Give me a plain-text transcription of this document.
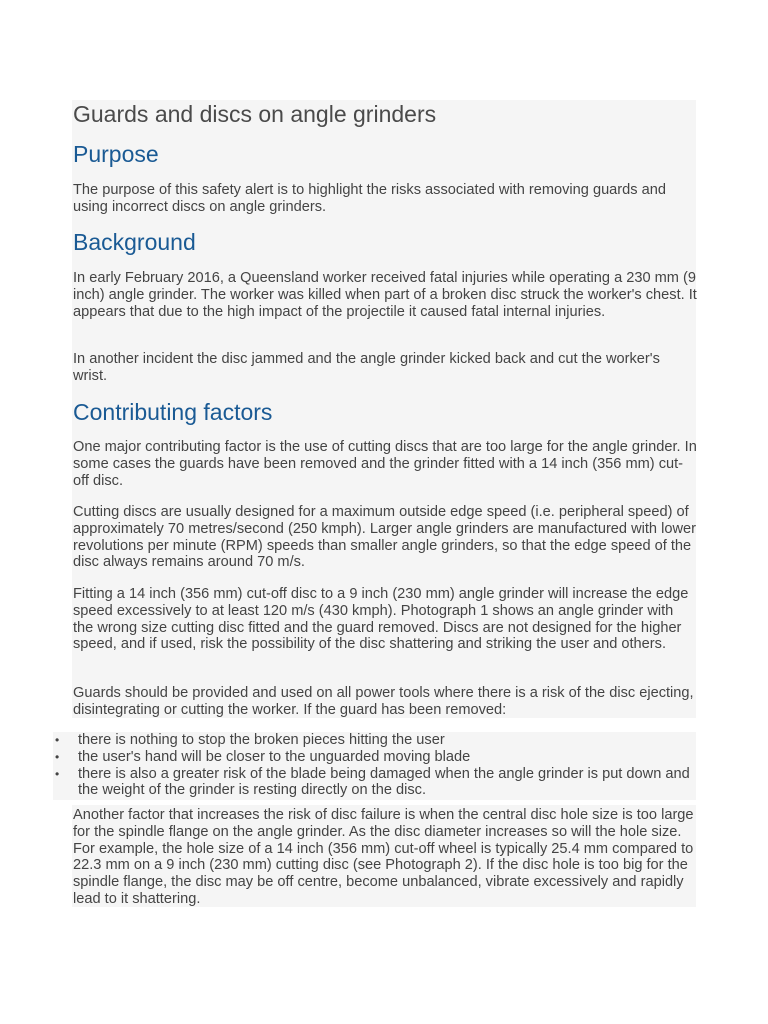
Guards and discs on angle grinders
Purpose

The purpose of this safety alert is to highlight the risks associated with removing guards and using incorrect discs on angle grinders.

Background

In early February 2016, a Queensland worker received fatal injuries while operating a 230 mm (9 inch) angle grinder. The worker was killed when part of a broken disc struck the worker's chest. It appears that due to the high impact of the projectile it caused fatal internal injuries.

In another incident the disc jammed and the angle grinder kicked back and cut the worker's wrist.

Contributing factors

One major contributing factor is the use of cutting discs that are too large for the angle grinder. In some cases the guards have been removed and the grinder fitted with a 14 inch (356 mm) cut-off disc.

Cutting discs are usually designed for a maximum outside edge speed (i.e. peripheral speed) of approximately 70 metres/second (250 kmph). Larger angle grinders are manufactured with lower revolutions per minute (RPM) speeds than smaller angle grinders, so that the edge speed of the disc always remains around 70 m/s.

Fitting a 14 inch (356 mm) cut-off disc to a 9 inch (230 mm) angle grinder will increase the edge speed excessively to at least 120 m/s (430 kmph). Photograph 1 shows an angle grinder with the wrong size cutting disc fitted and the guard removed. Discs are not designed for the higher speed, and if used, risk the possibility of the disc shattering and striking the user and others.

Guards should be provided and used on all power tools where there is a risk of the disc ejecting, disintegrating or cutting the worker. If the guard has been removed:

• there is nothing to stop the broken pieces hitting the user
• the user's hand will be closer to the unguarded moving blade
• there is also a greater risk of the blade being damaged when the angle grinder is put down and the weight of the grinder is resting directly on the disc.

Another factor that increases the risk of disc failure is when the central disc hole size is too large for the spindle flange on the angle grinder. As the disc diameter increases so will the hole size. For example, the hole size of a 14 inch (356 mm) cut-off wheel is typically 25.4 mm compared to 22.3 mm on a 9 inch (230 mm) cutting disc (see Photograph 2). If the disc hole is too big for the spindle flange, the disc may be off centre, become unbalanced, vibrate excessively and rapidly lead to it shattering.
